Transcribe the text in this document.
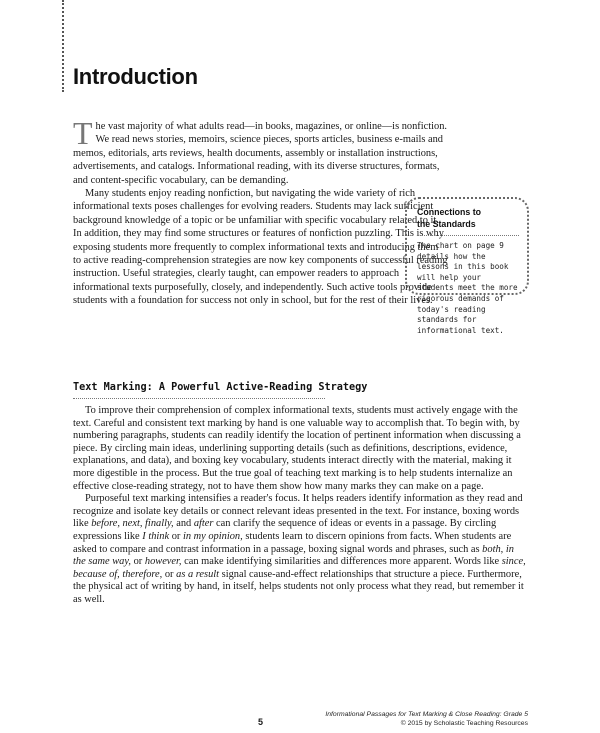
Introduction

The vast majority of what adults read—in books, magazines, or online—is nonfiction. We read news stories, memoirs, science pieces, sports articles, business e-mails and memos, editorials, arts reviews, health documents, assembly or installation instructions, advertisements, and catalogs. Informational reading, with its diverse structures, formats, and content-specific vocabulary, can be demanding.

Many students enjoy reading nonfiction, but navigating the wide variety of rich informational texts poses challenges for evolving readers. Students may lack sufficient background knowledge of a topic or be unfamiliar with specific vocabulary related to it. In addition, they may find some structures or features of nonfiction puzzling. This is why exposing students more frequently to complex informational texts and introducing them to active reading-comprehension strategies are now key components of successful reading instruction. Useful strategies, clearly taught, can empower readers to approach informational texts purposefully, closely, and independently. Such active tools provide students with a foundation for success not only in school, but for the rest of their lives.

Connections to
the Standards
The chart on page 9 details how the lessons in this book will help your students meet the more rigorous demands of today's reading standards for informational text.
Text Marking: A Powerful Active-Reading Strategy

To improve their comprehension of complex informational texts, students must actively engage with the text. Careful and consistent text marking by hand is one valuable way to accomplish that. To begin with, by numbering paragraphs, students can readily identify the location of pertinent information when discussing a piece. By circling main ideas, underlining supporting details (such as definitions, descriptions, evidence, explanations, and data), and boxing key vocabulary, students interact directly with the material, making it more digestible in the process. But the true goal of teaching text marking is to help students internalize an effective close-reading strategy, not to have them show how many marks they can make on a page.

Purposeful text marking intensifies a reader's focus. It helps readers identify information as they read and recognize and isolate key details or connect relevant ideas presented in the text. For instance, boxing words like before, next, finally, and after can clarify the sequence of ideas or events in a passage. By circling expressions like I think or in my opinion, students learn to discern opinions from facts. When students are asked to compare and contrast information in a passage, boxing signal words and phrases, such as both, in the same way, or however, can make identifying similarities and differences more apparent. Words like since, because of, therefore, or as a result signal cause-and-effect relationships that structure a piece. Furthermore, the physical act of writing by hand, in itself, helps students not only process what they read, but remember it as well.

5
Informational Passages for Text Marking & Close Reading: Grade 5
© 2015 by Scholastic Teaching Resources
